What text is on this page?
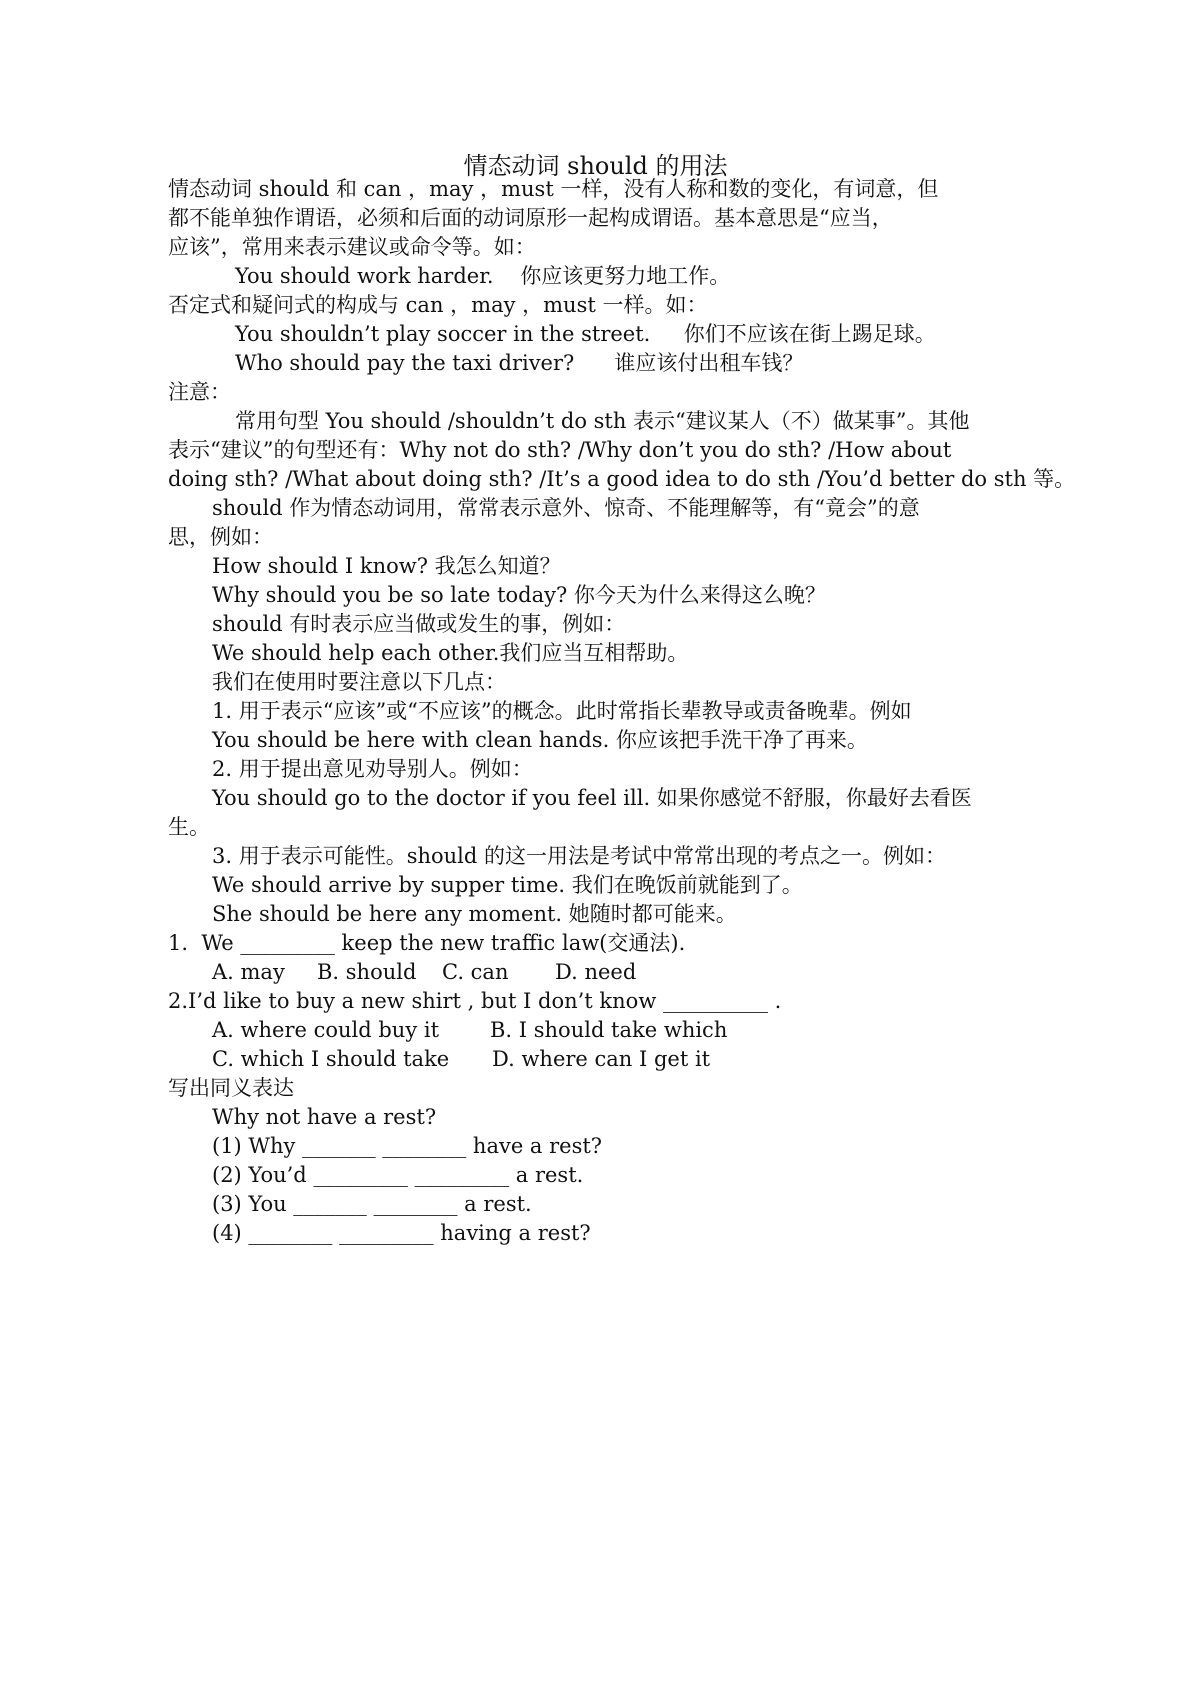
情态动词 should 的用法
情态动词 should 和 can ，may ，must 一样，没有人称和数的变化，有词意，但
都不能单独作谓语，必须和后面的动词原形一起构成谓语。基本意思是“应当，
应该”，常用来表示建议或命令等。如：
You should work harder.    你应该更努力地工作。
否定式和疑问式的构成与 can ，may ，must 一样。如：
You shouldn’t play soccer in the street.     你们不应该在街上踢足球。
Who should pay the taxi driver?      谁应该付出租车钱？
注意：
常用句型 You should /shouldn’t do sth 表示“建议某人（不）做某事”。其他
表示“建议”的句型还有：Why not do sth? /Why don’t you do sth? /How about
doing sth? /What about doing sth? /It’s a good idea to do sth /You’d better do sth 等。
should 作为情态动词用，常常表示意外、惊奇、不能理解等，有“竟会”的意
思，例如：
How should I know? 我怎么知道？
Why should you be so late today? 你今天为什么来得这么晚？
should 有时表示应当做或发生的事，例如：
We should help each other.我们应当互相帮助。
我们在使用时要注意以下几点：
1. 用于表示“应该”或“不应该”的概念。此时常指长辈教导或责备晚辈。例如
You should be here with clean hands. 你应该把手洗干净了再来。
2. 用于提出意见劝导别人。例如：
You should go to the doctor if you feel ill. 如果你感觉不舒服，你最好去看医
生。
3. 用于表示可能性。should 的这一用法是考试中常常出现的考点之一。例如：
We should arrive by supper time. 我们在晚饭前就能到了。
She should be here any moment. 她随时都可能来。
1.  We _________ keep the new traffic law(交通法).
A. may B. should C. can D. need
2.I’d like to buy a new shirt , but I don’t know __________ .
A. where could buy it B. I should take which
C. which I should take D. where can I get it
写出同义表达
Why not have a rest?
(1) Why _______ ________ have a rest?
(2) You’d _________ _________ a rest.
(3) You _______ ________ a rest.
(4) ________ _________ having a rest?
